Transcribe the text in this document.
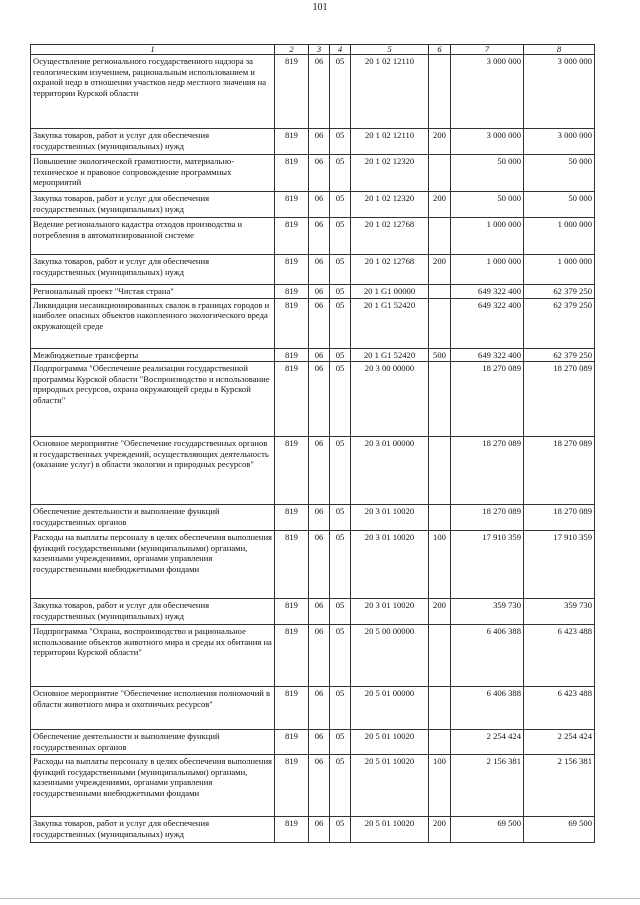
101
1	2	3	4	5	6	7	8
Осуществление регионального государственного надзора за геологическим изучением, рациональным использованием и охраной недр в отношении участков недр местного значения на территории Курской области	819	06	05	20 1 02 12110		3 000 000	3 000 000
Закупка товаров, работ и услуг для обеспечения государственных (муниципальных) нужд	819	06	05	20 1 02 12110	200	3 000 000	3 000 000
Повышение экологической грамотности, материально-техническое и правовое сопровождение программных мероприятий	819	06	05	20 1 02 12320		50 000	50 000
Закупка товаров, работ и услуг для обеспечения государственных (муниципальных) нужд	819	06	05	20 1 02 12320	200	50 000	50 000
Ведение регионального кадастра отходов производства и потребления в автоматизированной системе	819	06	05	20 1 02 12768		1 000 000	1 000 000
Закупка товаров, работ и услуг для обеспечения государственных (муниципальных) нужд	819	06	05	20 1 02 12768	200	1 000 000	1 000 000
Региональный проект "Чистая страна"	819	06	05	20 1 G1 00000		649 322 400	62 379 250
Ликвидация несанкционированных свалок в границах городов и наиболее опасных объектов накопленного экологического вреда окружающей среде	819	06	05	20 1 G1 52420		649 322 400	62 379 250
Межбюджетные трансферты	819	06	05	20 1 G1 52420	500	649 322 400	62 379 250
Подпрограмма "Обеспечение реализации государственной программы Курской области "Воспроизводство и использование природных ресурсов, охрана окружающей среды в Курской области"	819	06	05	20 3 00 00000		18 270 089	18 270 089
Основное мероприятие "Обеспечение государственных органов и государственных учреждений, осуществляющих деятельность (оказание услуг) в области экологии и природных ресурсов"	819	06	05	20 3 01 00000		18 270 089	18 270 089
Обеспечение деятельности и выполнение функций государственных органов	819	06	05	20 3 01 10020		18 270 089	18 270 089
Расходы на выплаты персоналу в целях обеспечения выполнения функций государственными (муниципальными) органами, казенными учреждениями, органами управления государственными внебюджетными фондами	819	06	05	20 3 01 10020	100	17 910 359	17 910 359
Закупка товаров, работ и услуг для обеспечения государственных (муниципальных) нужд	819	06	05	20 3 01 10020	200	359 730	359 730
Подпрограмма "Охрана, воспроизводство и рациональное использование объектов животного мира и среды их обитания на территории Курской области"	819	06	05	20 5 00 00000		6 406 388	6 423 488
Основное мероприятие "Обеспечение исполнения полномочий в области животного мира и охотничьих ресурсов"	819	06	05	20 5 01 00000		6 406 388	6 423 488
Обеспечение деятельности и выполнение функций государственных органов	819	06	05	20 5 01 10020		2 254 424	2 254 424
Расходы на выплаты персоналу в целях обеспечения выполнения функций государственными (муниципальными) органами, казенными учреждениями, органами управления государственными внебюджетными фондами	819	06	05	20 5 01 10020	100	2 156 381	2 156 381
Закупка товаров, работ и услуг для обеспечения государственных (муниципальных) нужд	819	06	05	20 5 01 10020	200	69 500	69 500
